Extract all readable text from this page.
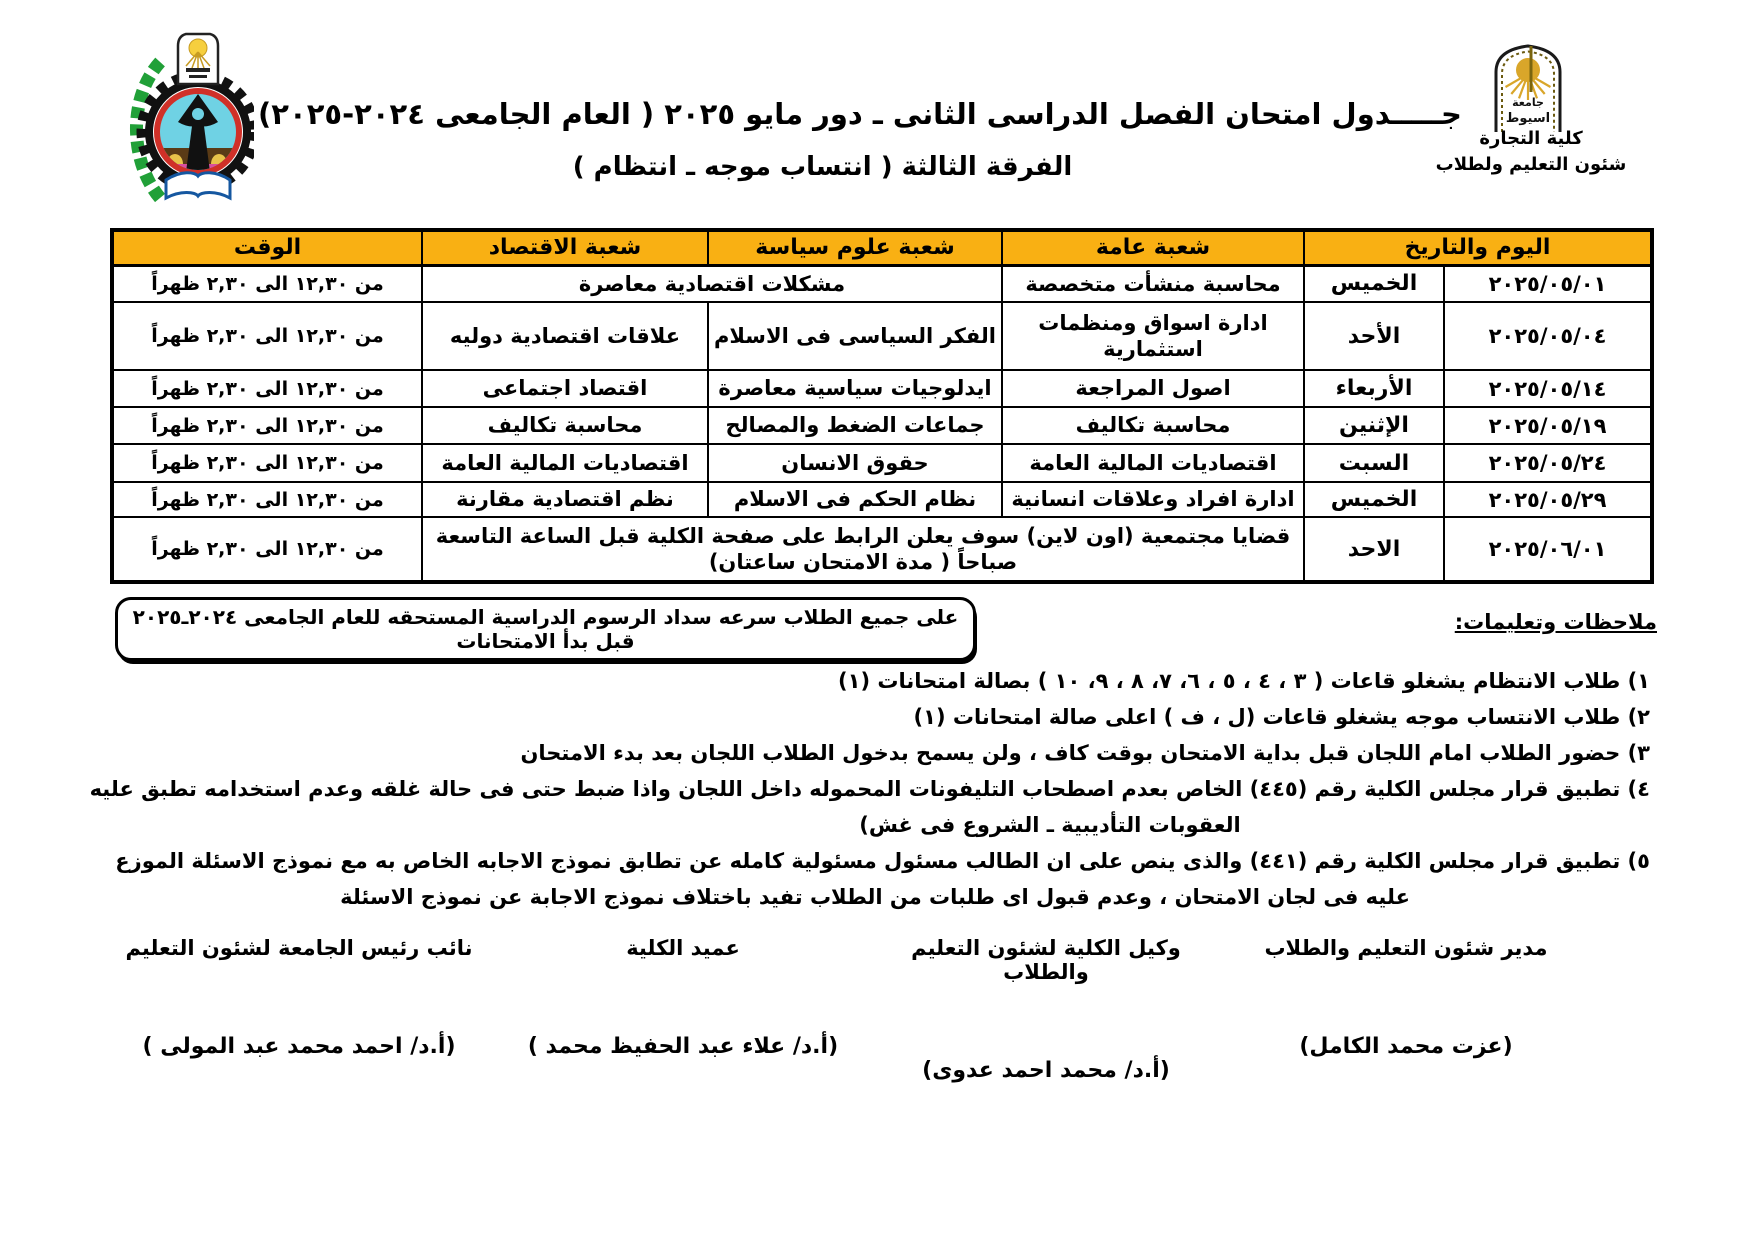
جامعة
اسيوط
كلية التجارة
شئون التعليم ولطلاب
جـــــدول امتحان الفصل الدراسى الثانى ـ دور مايو ٢٠٢٥ ( العام الجامعى ٢٠٢٤-٢٠٢٥)
الفرقة الثالثة ( انتساب موجه ـ انتظام )
اليوم والتاريخ		شعبة عامة	شعبة علوم سياسة	شعبة الاقتصاد	الوقت
٢٠٢٥/٠٥/٠١	الخميس	محاسبة منشأت متخصصة	مشكلات اقتصادية معاصرة		من ١٢,٣٠ الى ٢,٣٠ ظهراً
٢٠٢٥/٠٥/٠٤	الأحد	ادارة اسواق ومنظمات استثمارية	الفكر السياسى فى الاسلام	علاقات اقتصادية دوليه	من ١٢,٣٠ الى ٢,٣٠ ظهراً
٢٠٢٥/٠٥/١٤	الأربعاء	اصول المراجعة	ايدلوجيات سياسية معاصرة	اقتصاد اجتماعى	من ١٢,٣٠ الى ٢,٣٠ ظهراً
٢٠٢٥/٠٥/١٩	الإثنين	محاسبة تكاليف	جماعات الضغط والمصالح	محاسبة تكاليف	من ١٢,٣٠ الى ٢,٣٠ ظهراً
٢٠٢٥/٠٥/٢٤	السبت	اقتصاديات المالية العامة	حقوق الانسان	اقتصاديات المالية العامة	من ١٢,٣٠ الى ٢,٣٠ ظهراً
٢٠٢٥/٠٥/٢٩	الخميس	ادارة افراد وعلاقات انسانية	نظام الحكم فى الاسلام	نظم اقتصادية مقارنة	من ١٢,٣٠ الى ٢,٣٠ ظهراً
٢٠٢٥/٠٦/٠١	الاحد	قضايا مجتمعية (اون لاين) سوف يعلن الرابط على صفحة الكلية قبل الساعة التاسعة صباحاً ( مدة الامتحان ساعتان)			من ١٢,٣٠ الى ٢,٣٠ ظهراً
على جميع الطلاب سرعه سداد الرسوم الدراسية المستحقه للعام الجامعى ٢٠٢٤ـ٢٠٢٥ قبل بدأ الامتحانات
ملاحظات وتعليمات:
١) طلاب الانتظام يشغلو قاعات ( ٣ ، ٤ ، ٥ ، ٦، ٧، ٨ ، ٩، ١٠ ) بصالة امتحانات (١)
٢) طلاب الانتساب موجه يشغلو قاعات (ل ، ف ) اعلى صالة امتحانات (١)
٣) حضور الطلاب امام اللجان قبل بداية الامتحان بوقت كاف ، ولن يسمح بدخول الطلاب اللجان بعد بدء الامتحان
٤) تطبيق قرار مجلس الكلية رقم (٤٤٥) الخاص بعدم اصطحاب التليفونات المحموله داخل اللجان واذا ضبط حتى فى حالة غلقه وعدم استخدامه تطبق عليه
العقوبات التأديبية ـ الشروع فى غش)
٥) تطبيق قرار مجلس الكلية رقم (٤٤١) والذى ينص على ان الطالب مسئول مسئولية كامله عن تطابق نموذج الاجابه الخاص به مع نموذج الاسئلة الموزع
عليه فى لجان الامتحان ، وعدم قبول اى طلبات من الطلاب تفيد باختلاف نموذج الاجابة عن نموذج الاسئلة
مدير شئون التعليم والطلاب
(عزت محمد الكامل)
وكيل الكلية لشئون التعليم والطلاب
(أ.د/ محمد احمد عدوى)
عميد الكلية
(أ.د/ علاء عبد الحفيظ محمد )
نائب رئيس الجامعة لشئون التعليم
(أ.د/ احمد محمد عبد المولى )
